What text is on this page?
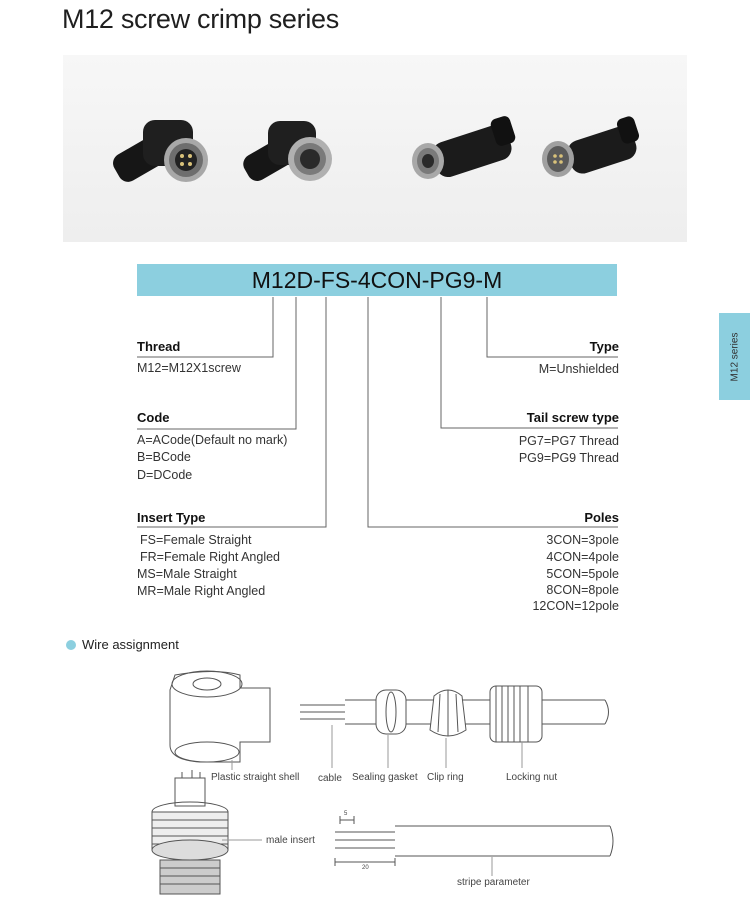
M12 screw crimp series
M12D-FS-4CON-PG9-M
M12 series
Thread
M12=M12X1screw
Code
A=ACode(Default no mark)
B=BCode
D=DCode
Insert Type
FS=Female Straight
FR=Female Right Angled
MS=Male Straight
MR=Male Right Angled
Type
M=Unshielded
Tail screw type
PG7=PG7 Thread
PG9=PG9 Thread
Poles
3CON=3pole
4CON=4pole
5CON=5pole
8CON=8pole
12CON=12pole
Wire assignment
Plastic straight shell cable Sealing gasket Clip ring	Locking nut
male insert
stripe parameter
5
20
